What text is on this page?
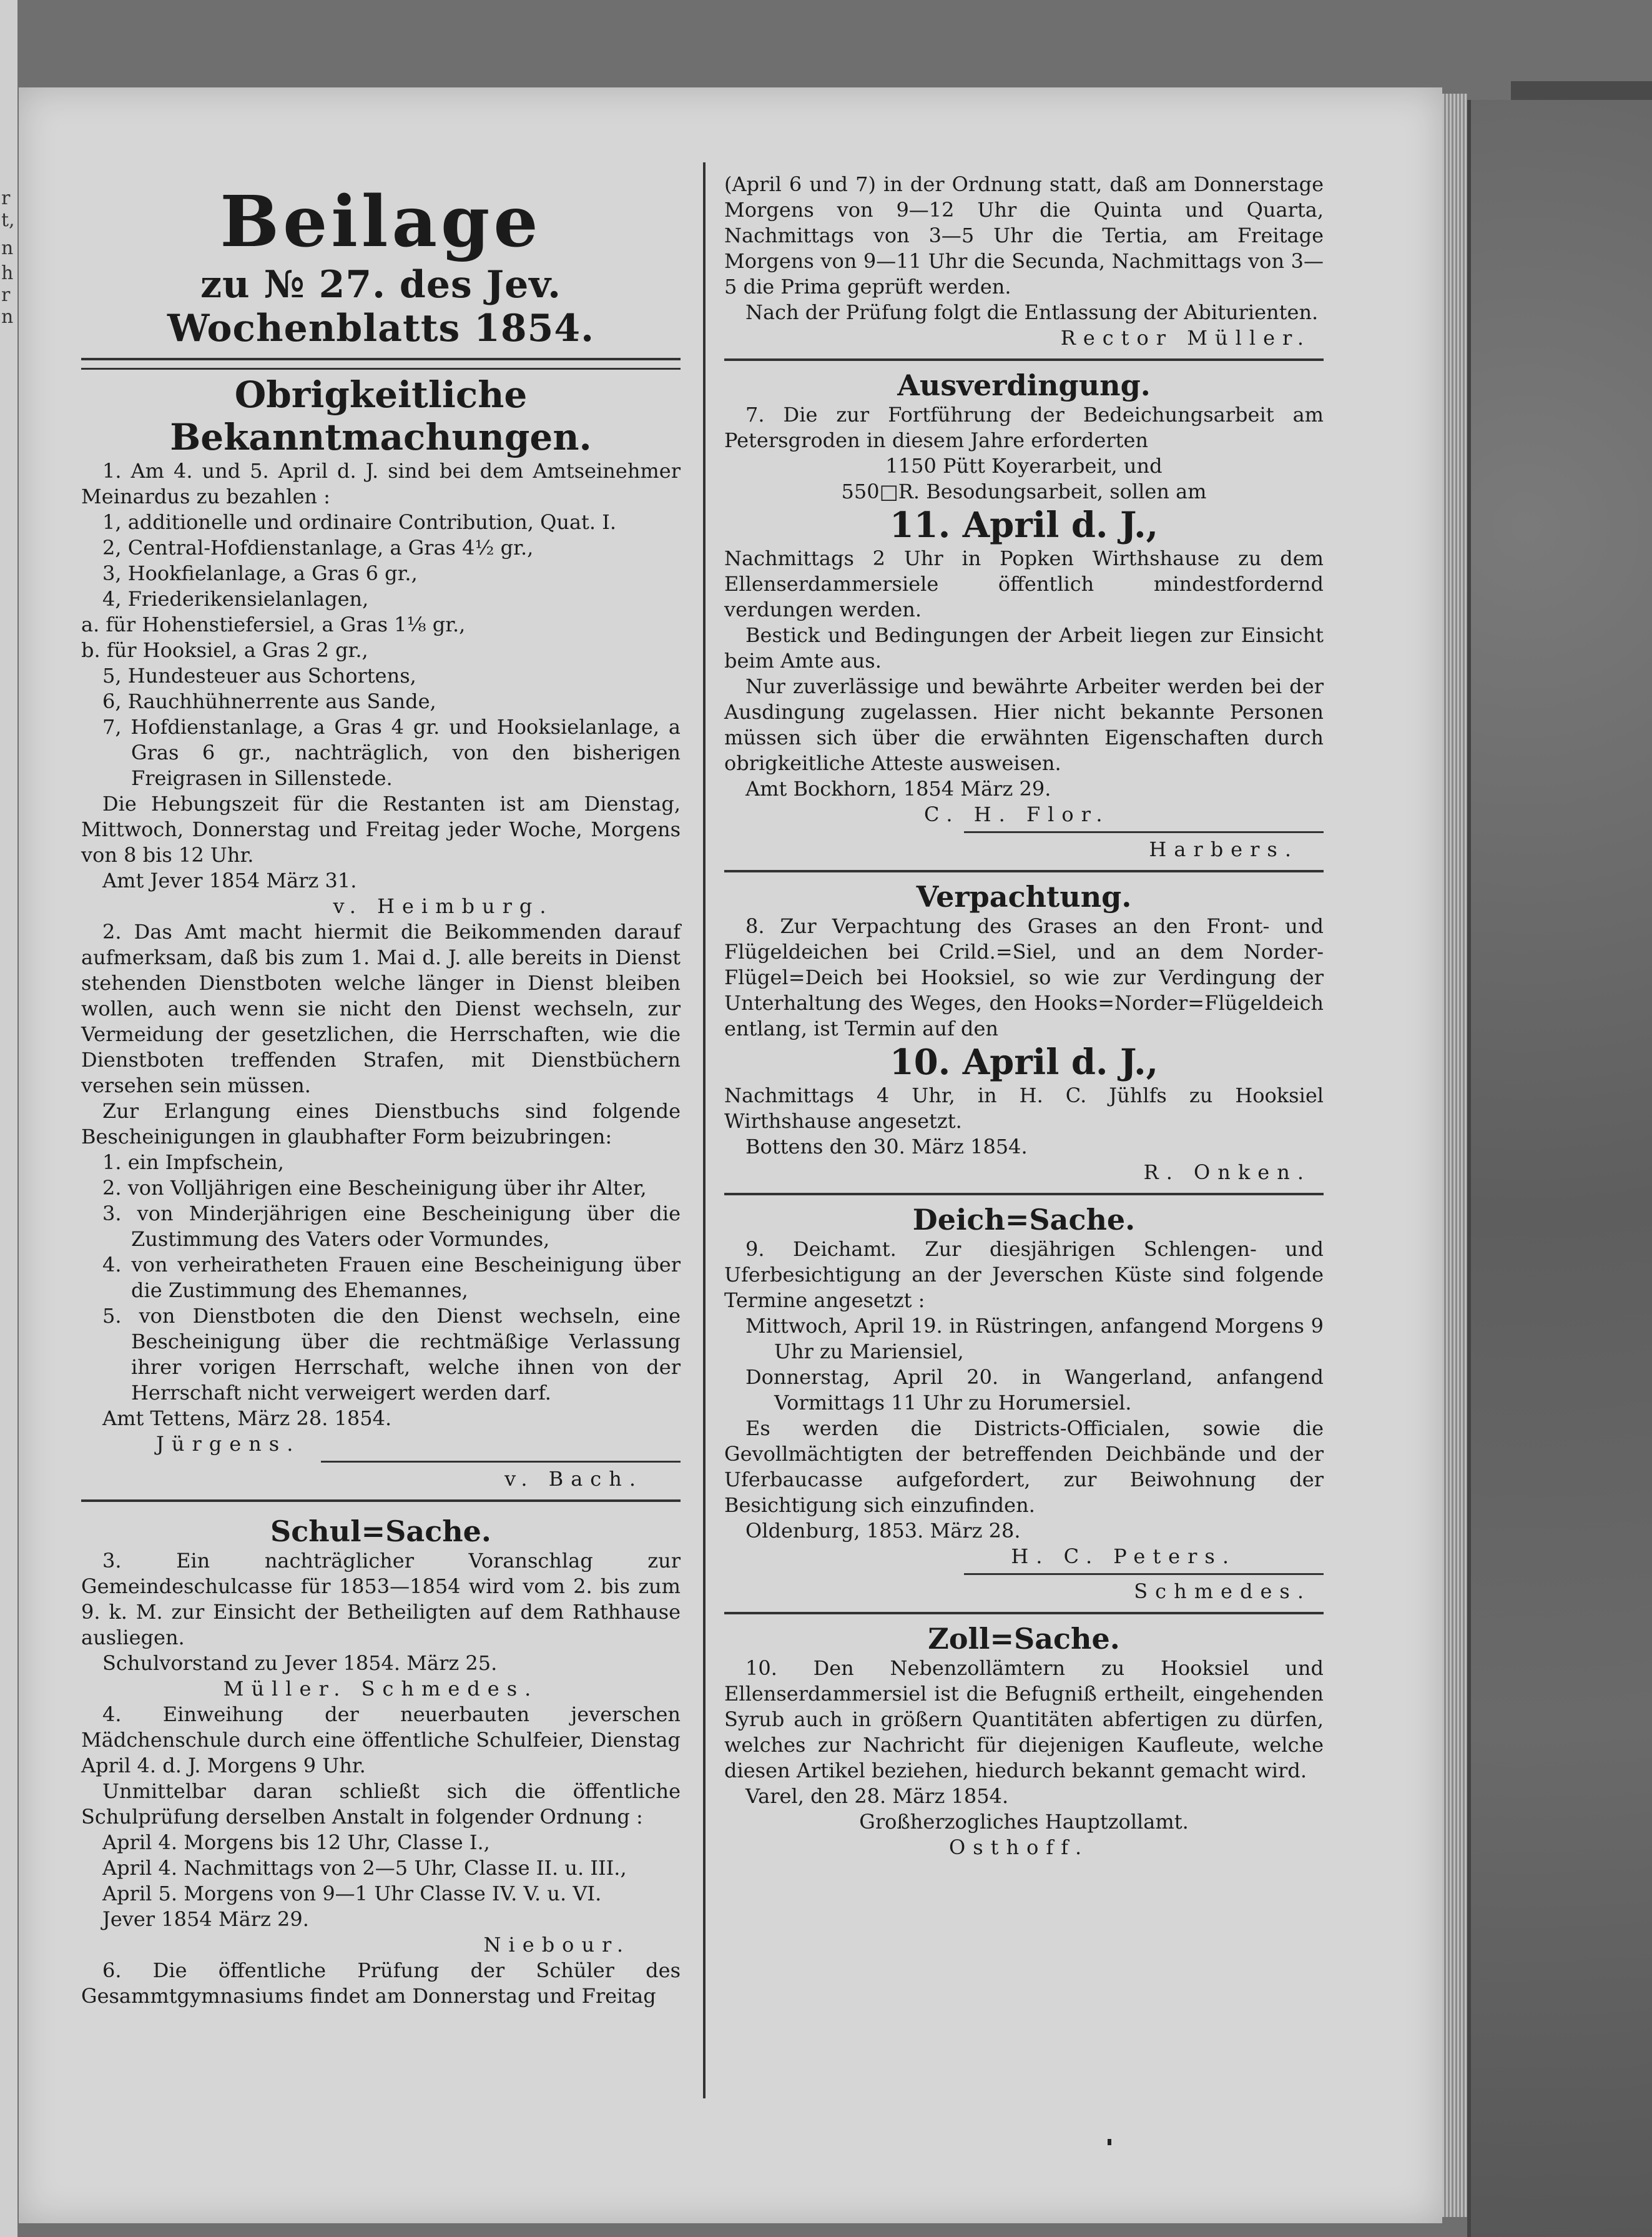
r
t,
n
h
r
n

Beilage

zu № 27. des Jev. Wochenblatts 1854.

Obrigkeitliche Bekanntmachungen.

1. Am 4. und 5. April d. J. sind bei dem Amtseinehmer Meinardus zu bezahlen :

1, additionelle und ordinaire Contribution, Quat. I.

2, Central-Hofdienstanlage, a Gras 4½ gr.,

3, Hookfielanlage, a Gras 6 gr.,

4, Friederikensielanlagen,

a. für Hohenstiefersiel, a Gras 1⅛ gr.,

b. für Hooksiel, a Gras 2 gr.,

5, Hundesteuer aus Schortens,

6, Rauchhühnerrente aus Sande,

7, Hofdienstanlage, a Gras 4 gr. und Hooksielanlage, a Gras 6 gr., nachträglich, von den bisherigen Freigrasen in Sillenstede.

Die Hebungszeit für die Restanten ist am Dienstag, Mittwoch, Donnerstag und Freitag jeder Woche, Morgens von 8 bis 12 Uhr.

Amt Jever 1854 März 31.

v. Heimburg.

2. Das Amt macht hiermit die Beikommenden darauf aufmerksam, daß bis zum 1. Mai d. J. alle bereits in Dienst stehenden Dienstboten welche länger in Dienst bleiben wollen, auch wenn sie nicht den Dienst wechseln, zur Vermeidung der gesetzlichen, die Herrschaften, wie die Dienstboten treffenden Strafen, mit Dienstbüchern versehen sein müssen.

Zur Erlangung eines Dienstbuchs sind folgende Bescheinigungen in glaubhafter Form beizubringen:

1. ein Impfschein,

2. von Volljährigen eine Bescheinigung über ihr Alter,

3. von Minderjährigen eine Bescheinigung über die Zustimmung des Vaters oder Vormundes,

4. von verheiratheten Frauen eine Bescheinigung über die Zustimmung des Ehemannes,

5. von Dienstboten die den Dienst wechseln, eine Bescheinigung über die rechtmäßige Verlassung ihrer vorigen Herrschaft, welche ihnen von der Herrschaft nicht verweigert werden darf.

Amt Tettens, März 28. 1854.

Jürgens.

v. Bach.

Schul=Sache.

3. Ein nachträglicher Voranschlag zur Gemeindeschulcasse für 1853—1854 wird vom 2. bis zum 9. k. M. zur Einsicht der Betheiligten auf dem Rathhause ausliegen.

Schulvorstand zu Jever 1854. März 25.

Müller. Schmedes.

4. Einweihung der neuerbauten jeverschen Mädchenschule durch eine öffentliche Schulfeier, Dienstag April 4. d. J. Morgens 9 Uhr.

Unmittelbar daran schließt sich die öffentliche Schulprüfung derselben Anstalt in folgender Ordnung :

April 4. Morgens bis 12 Uhr, Classe I.,

April 4. Nachmittags von 2—5 Uhr, Classe II. u. III.,

April 5. Morgens von 9—1 Uhr Classe IV. V. u. VI.

Jever 1854 März 29.

Niebour.

6. Die öffentliche Prüfung der Schüler des Gesammtgymnasiums findet am Donnerstag und Freitag

(April 6 und 7) in der Ordnung statt, daß am Donnerstage Morgens von 9—12 Uhr die Quinta und Quarta, Nachmittags von 3—5 Uhr die Tertia, am Freitage Morgens von 9—11 Uhr die Secunda, Nachmittags von 3—5 die Prima geprüft werden.

Nach der Prüfung folgt die Entlassung der Abiturienten.

Rector Müller.

Ausverdingung.

7. Die zur Fortführung der Bedeichungsarbeit am Petersgroden in diesem Jahre erforderten

1150 Pütt Koyerarbeit, und

550□R. Besodungsarbeit, sollen am

11. April d. J.,

Nachmittags 2 Uhr in Popken Wirthshause zu dem Ellenserdammersiele öffentlich mindestfordernd verdungen werden.

Bestick und Bedingungen der Arbeit liegen zur Einsicht beim Amte aus.

Nur zuverlässige und bewährte Arbeiter werden bei der Ausdingung zugelassen. Hier nicht bekannte Personen müssen sich über die erwähnten Eigenschaften durch obrigkeitliche Atteste ausweisen.

Amt Bockhorn, 1854 März 29.

C. H. Flor.

Harbers.

Verpachtung.

8. Zur Verpachtung des Grases an den Front- und Flügeldeichen bei Crild.=Siel, und an dem Norder-Flügel=Deich bei Hooksiel, so wie zur Verdingung der Unterhaltung des Weges, den Hooks=Norder=Flügeldeich entlang, ist Termin auf den

10. April d. J.,

Nachmittags 4 Uhr, in H. C. Jühlfs zu Hooksiel Wirthshause angesetzt.

Bottens den 30. März 1854.

R. Onken.

Deich=Sache.

9. Deichamt. Zur diesjährigen Schlengen- und Uferbesichtigung an der Jeverschen Küste sind folgende Termine angesetzt :

Mittwoch, April 19. in Rüstringen, anfangend Morgens 9 Uhr zu Mariensiel,

Donnerstag, April 20. in Wangerland, anfangend Vormittags 11 Uhr zu Horumersiel.

Es werden die Districts-Officialen, sowie die Gevollmächtigten der betreffenden Deichbände und der Uferbaucasse aufgefordert, zur Beiwohnung der Besichtigung sich einzufinden.

Oldenburg, 1853. März 28.

H. C. Peters.

Schmedes.

Zoll=Sache.

10. Den Nebenzollämtern zu Hooksiel und Ellenserdammersiel ist die Befugniß ertheilt, eingehenden Syrub auch in größern Quantitäten abfertigen zu dürfen, welches zur Nachricht für diejenigen Kaufleute, welche diesen Artikel beziehen, hiedurch bekannt gemacht wird.

Varel, den 28. März 1854.

Großherzogliches Hauptzollamt.

Osthoff.
